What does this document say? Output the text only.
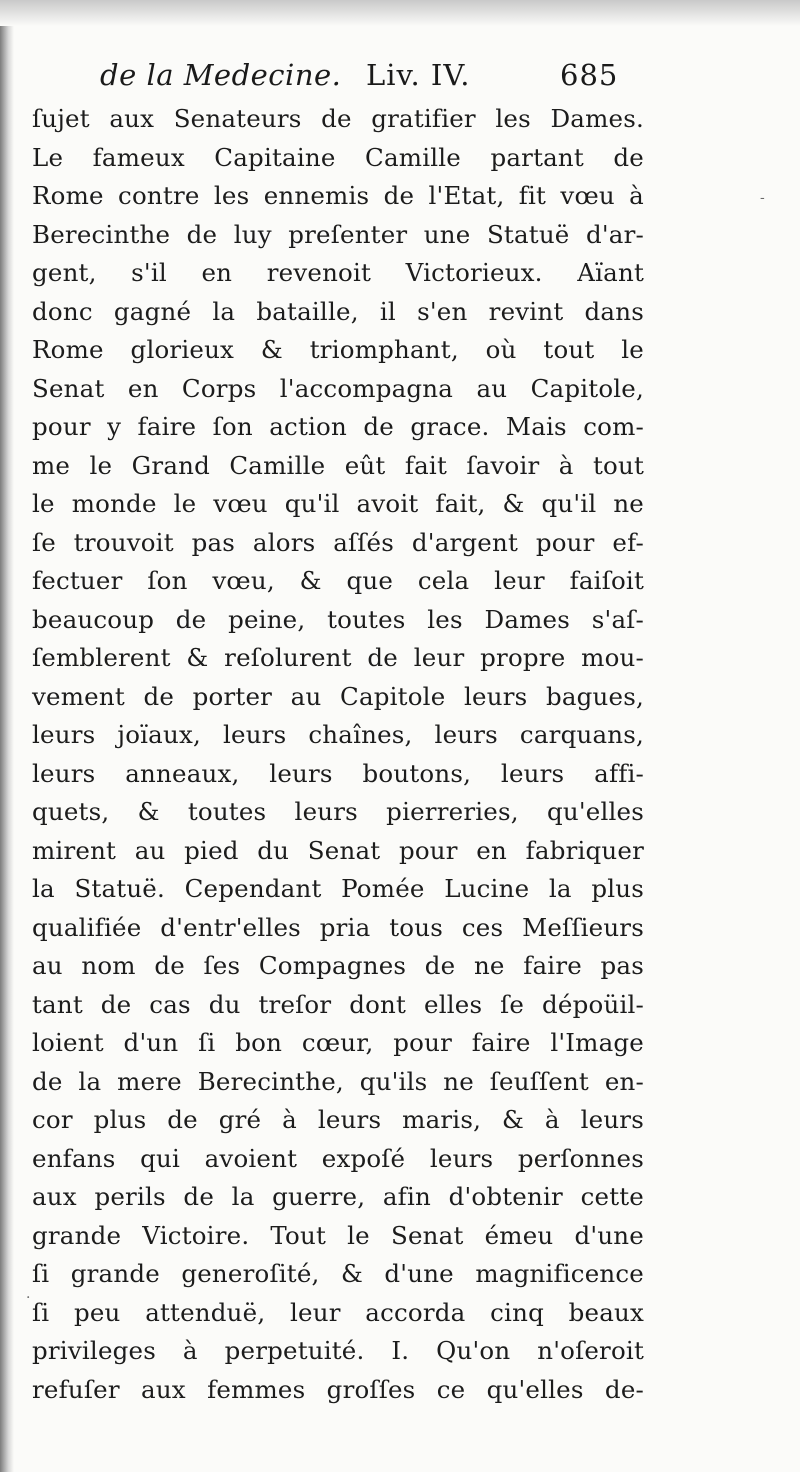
de la Medecine. Liv. IV.	685
ſujet aux Senateurs de gratifier les Dames.
Le fameux Capitaine Camille partant de
Rome contre les ennemis de l'Etat, fit vœu à
Berecinthe de luy preſenter une Statuë d'ar-
gent, s'il en revenoit Victorieux. Aïant
donc gagné la bataille, il s'en revint dans
Rome glorieux & triomphant, où tout le
Senat en Corps l'accompagna au Capitole,
pour y faire ſon action de grace. Mais com-
me le Grand Camille eût fait ſavoir à tout
le monde le vœu qu'il avoit fait, & qu'il ne
ſe trouvoit pas alors aſſés d'argent pour ef-
fectuer ſon vœu, & que cela leur faiſoit
beaucoup de peine, toutes les Dames s'aſ-
ſemblerent & reſolurent de leur propre mou-
vement de porter au Capitole leurs bagues,
leurs joïaux, leurs chaînes, leurs carquans,
leurs anneaux, leurs boutons, leurs affi-
quets, & toutes leurs pierreries, qu'elles
mirent au pied du Senat pour en fabriquer
la Statuë. Cependant Pomée Lucine la plus
qualifiée d'entr'elles pria tous ces Meſſieurs
au nom de ſes Compagnes de ne faire pas
tant de cas du treſor dont elles ſe dépoüil-
loient d'un ſi bon cœur, pour faire l'Image
de la mere Berecinthe, qu'ils ne ſeuſſent en-
cor plus de gré à leurs maris, & à leurs
enfans qui avoient expoſé leurs perſonnes
aux perils de la guerre, afin d'obtenir cette
grande Victoire. Tout le Senat émeu d'une
ſi grande generoſité, & d'une magnificence
ſi peu attenduë, leur accorda cinq beaux
privileges à perpetuité. I. Qu'on n'oſeroit
refuſer aux femmes groſſes ce qu'elles de-
-
·
